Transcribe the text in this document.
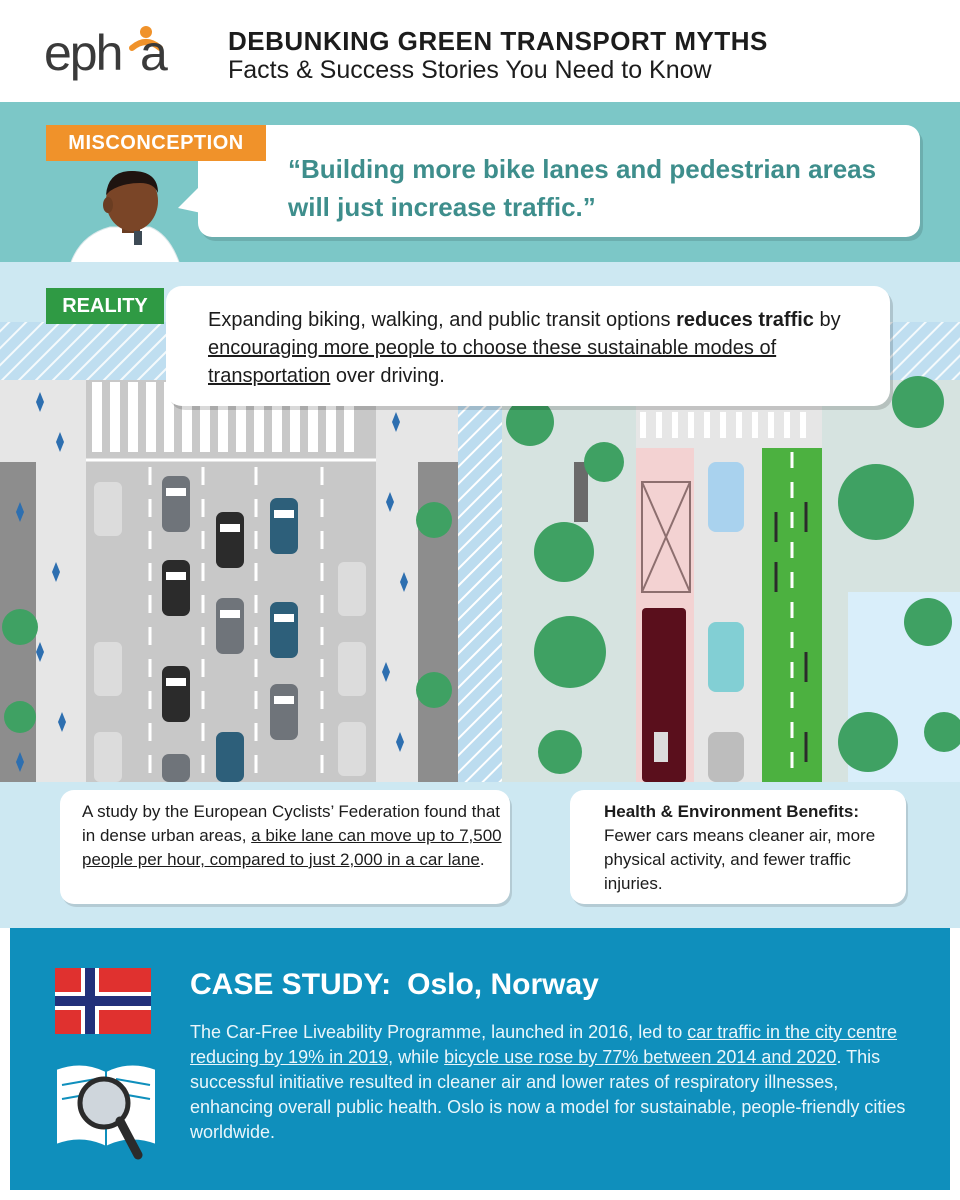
eph a DEBUNKING GREEN TRANSPORT MYTHS
Facts & Success Stories You Need to Know
MISCONCEPTION
“Building more bike lanes and pedestrian areas will just increase traffic.”
REALITY
Expanding biking, walking, and public transit options reduces traffic by encouraging more people to choose these sustainable modes of transportation over driving.
A study by the European Cyclists’ Federation found that in dense urban areas, a bike lane can move up to 7,500 people per hour, compared to just 2,000 in a car lane.
Health & Environment Benefits:
Fewer cars means cleaner air, more physical activity, and fewer traffic injuries.
CASE STUDY: Oslo, Norway
The Car-Free Liveability Programme, launched in 2016, led to car traffic in the city centre reducing by 19% in 2019, while bicycle use rose by 77% between 2014 and 2020. This successful initiative resulted in cleaner air and lower rates of respiratory illnesses, enhancing overall public health. Oslo is now a model for sustainable, people-friendly cities worldwide.
